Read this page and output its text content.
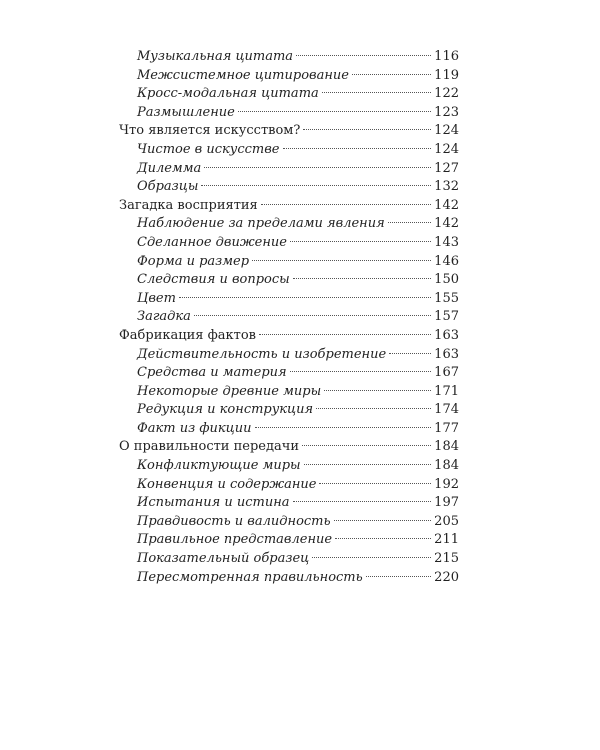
Музыкальная цитата	116
Межсистемное цитирование	119
Кросс-модальная цитата	122
Размышление	123
Что является искусством?	124
Чистое в искусстве	124
Дилемма	127
Образцы	132
Загадка восприятия	142
Наблюдение за пределами явления	142
Сделанное движение	143
Форма и размер	146
Следствия и вопросы	150
Цвет	155
Загадка	157
Фабрикация фактов	163
Действительность и изобретение	163
Средства и материя	167
Некоторые древние миры	171
Редукция и конструкция	174
Факт из фикции	177
О правильности передачи	184
Конфликтующие миры	184
Конвенция и содержание	192
Испытания и истина	197
Правдивость и валидность	205
Правильное представление	211
Показательный образец	215
Пересмотренная правильность	220
